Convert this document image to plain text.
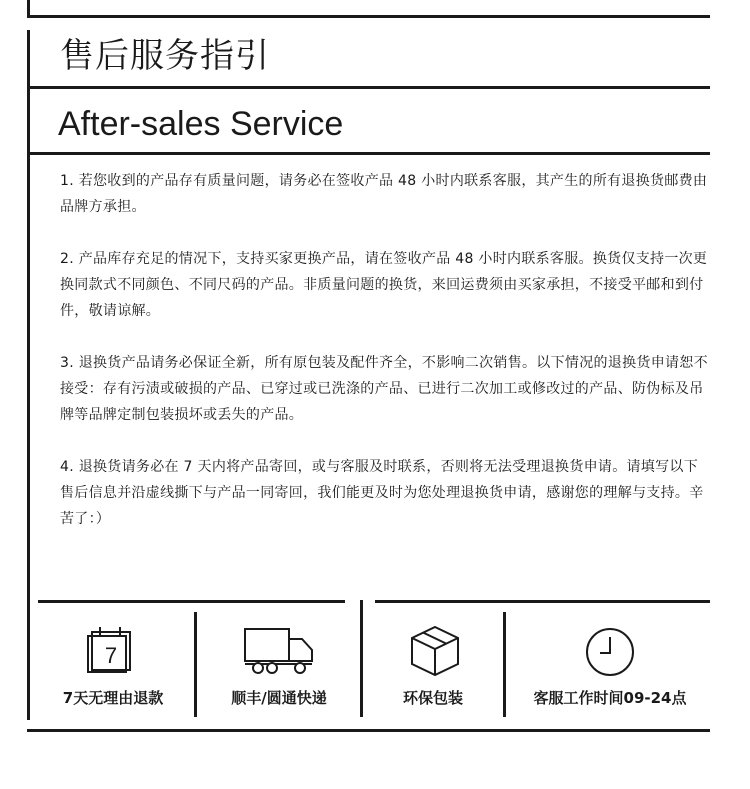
售后服务指引
After-sales Service
1. 若您收到的产品存有质量问题，请务必在签收产品 48 小时内联系客服，其产生的所有退换货邮费由品牌方承担。
2. 产品库存充足的情况下，支持买家更换产品，请在签收产品 48 小时内联系客服。换货仅支持一次更换同款式不同颜色、不同尺码的产品。非质量问题的换货，来回运费须由买家承担，不接受平邮和到付件，敬请谅解。
3. 退换货产品请务必保证全新，所有原包装及配件齐全，不影响二次销售。以下情况的退换货申请恕不接受：存有污渍或破损的产品、已穿过或已洗涤的产品、已进行二次加工或修改过的产品、防伪标及吊牌等品牌定制包装损坏或丢失的产品。
4. 退换货请务必在 7 天内将产品寄回，或与客服及时联系，否则将无法受理退换货申请。请填写以下售后信息并沿虚线撕下与产品一同寄回，我们能更及时为您处理退换货申请，感谢您的理解与支持。辛苦了：）
7
7天无理由退款	顺丰/圆通快递	环保包装	客服工作时间09-24点
